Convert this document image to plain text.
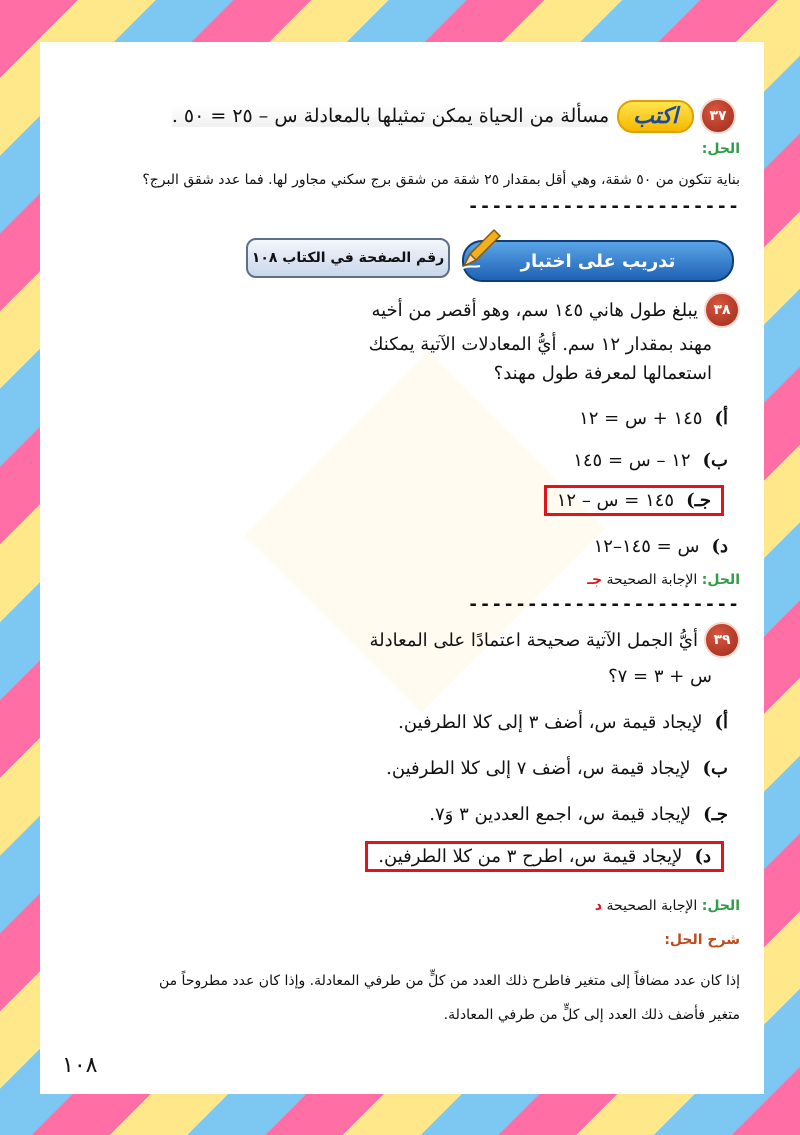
٣٧
اكتب
مسألة من الحياة يمكن تمثيلها بالمعادلة س – ٢٥ = ٥٠ .
الحل:
بناية تتكون من ٥٠ شقة، وهي أقل بمقدار ٢٥ شقة من شقق برج سكني مجاور لها. فما عدد شقق البرج؟
-----------------------
تدريب على اختبار
رقم الصفحة في الكتاب ١٠٨
٣٨
يبلغ طول هاني ١٤٥ سم، وهو أقصر من أخيه
مهند بمقدار ١٢ سم. أيُّ المعادلات الآتية يمكنك
استعمالها لمعرفة طول مهند؟
أ)
١٤٥ + س = ١٢
ب)
١٢ – س = ١٤٥
جـ)
١٤٥ = س – ١٢
د)
س = ١٤٥–١٢
الحل: الإجابة الصحيحة جـ
-----------------------
٣٩
أيُّ الجمل الآتية صحيحة اعتمادًا على المعادلة
س + ٣ = ٧؟
أ)
لإيجاد قيمة س، أضف ٣ إلى كلا الطرفين.
ب)
لإيجاد قيمة س، أضف ٧ إلى كلا الطرفين.
جـ)
لإيجاد قيمة س، اجمع العددين ٣ وَ٧.
د)
لإيجاد قيمة س، اطرح ٣ من كلا الطرفين.
الحل: الإجابة الصحيحة د
شرح الحل:
إذا كان عدد مضافاً إلى متغير فاطرح ذلك العدد من كلٍّ من طرفي المعادلة. وإذا كان عدد مطروحاً من
متغير فأضف ذلك العدد إلى كلٍّ من طرفي المعادلة.
١٠٨
